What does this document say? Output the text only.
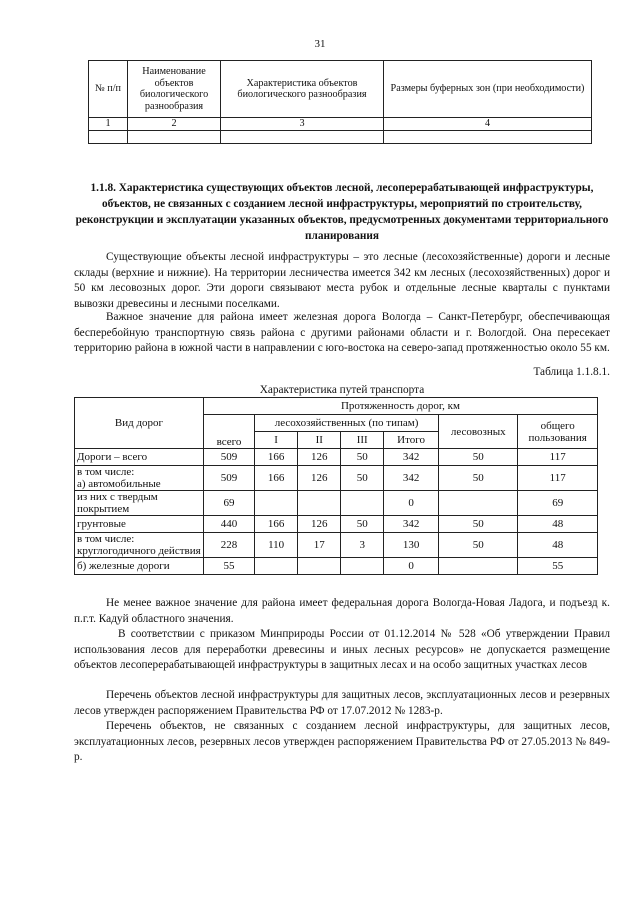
31
№ п/п	Наименование объектов биологического разнообразия	Характеристика объектов биологического разнообразия	Размеры буферных зон (при необходимости)
1	2	3	4

1.1.8. Характеристика существующих объектов лесной, лесоперерабатывающей инфраструктуры, объектов, не связанных с созданием лесной инфраструктуры, мероприятий по строительству, реконструкции и эксплуатации указанных объектов, предусмотренных документами территориального планирования

Существующие объекты лесной инфраструктуры – это лесные (лесохозяйственные) дороги и лесные склады (верхние и нижние). На территории лесничества имеется 342 км лесных (лесохозяйственных) дорог и 50 км лесовозных дорог. Эти дороги связывают места рубок и отдельные лесные кварталы с пунктами вывозки древесины и лесными поселками.

Важное значение для района имеет железная дорога Вологда – Санкт-Петербург, обеспечивающая бесперебойную транспортную связь района с другими районами области и г. Вологдой. Она пересекает территорию района в южной части в направлении с юго-востока на северо-запад протяженностью около 55 км.

Таблица 1.1.8.1.
Характеристика путей транспорта
Вид дорог	Протяженность дорог, км						
	всего	лесохозяйственных (по типам)				лесовозных	общего пользования
		I	II	III	Итого		
Дороги – всего	509	166	126	50	342	50	117
в том числе:
а) автомобильные	509	166	126	50	342	50	117
из них с твердым покрытием	69				0		69
грунтовые	440	166	126	50	342	50	48
в том числе: круглогодичного действия	228	110	17	3	130	50	48
б) железные дороги	55				0		55

Не менее важное значение для района имеет федеральная дорога Вологда-Новая Ладога, и подъезд к. п.г.т. Кадуй областного значения.

В соответствии с приказом Минприроды России от 01.12.2014 № 528 «Об утверждении Правил использования лесов для переработки древесины и иных лесных ресурсов» не допускается размещение объектов лесоперерабатывающей инфраструктуры в защитных лесах и на особо защитных участках лесов

Перечень объектов лесной инфраструктуры для защитных лесов, эксплуатационных лесов и резервных лесов утвержден распоряжением Правительства РФ от 17.07.2012 № 1283-р.

Перечень объектов, не связанных с созданием лесной инфраструктуры, для защитных лесов, эксплуатационных лесов, резервных лесов утвержден распоряжением Правительства РФ от 27.05.2013 № 849-р.
